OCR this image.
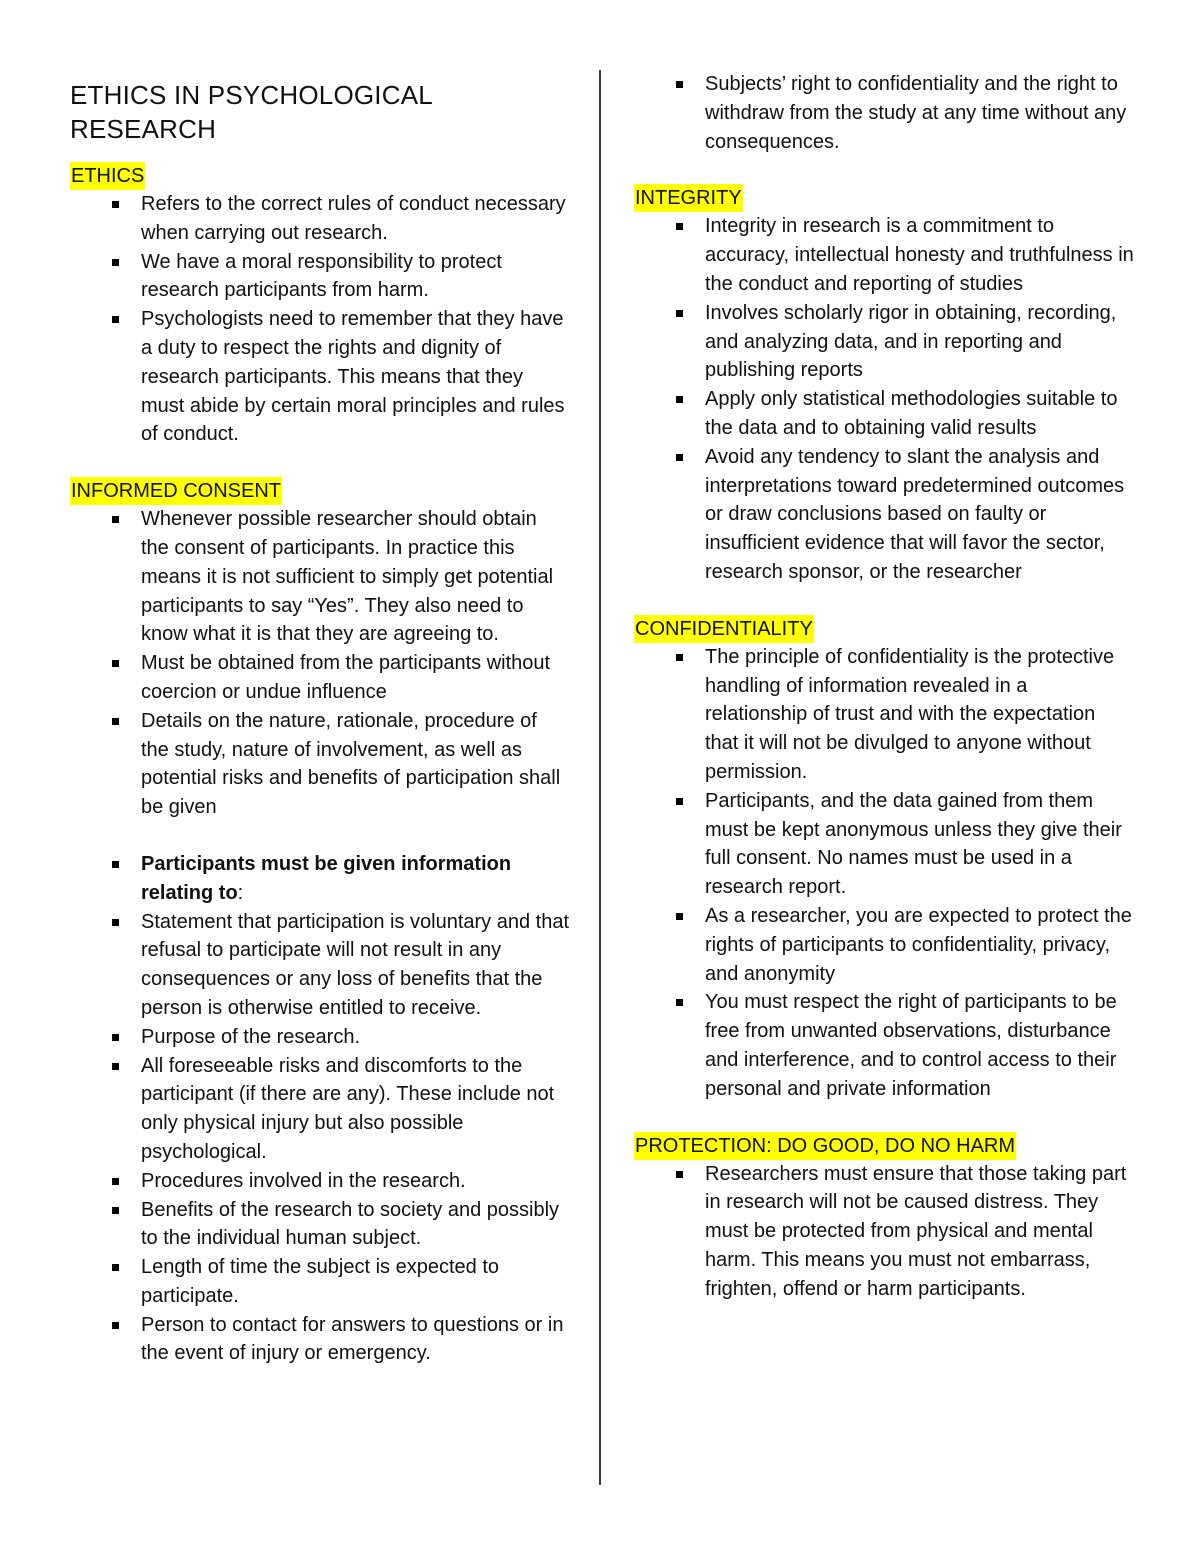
ETHICS IN PSYCHOLOGICAL RESEARCH
ETHICS
Refers to the correct rules of conduct necessary when carrying out research.
We have a moral responsibility to protect research participants from harm.
Psychologists need to remember that they have a duty to respect the rights and dignity of research participants. This means that they must abide by certain moral principles and rules of conduct.
INFORMED CONSENT
Whenever possible researcher should obtain the consent of participants. In practice this means it is not sufficient to simply get potential participants to say “Yes”. They also need to know what it is that they are agreeing to.
Must be obtained from the participants without coercion or undue influence
Details on the nature, rationale, procedure of the study, nature of involvement, as well as potential risks and benefits of participation shall be given
Participants must be given information relating to:
Statement that participation is voluntary and that refusal to participate will not result in any consequences or any loss of benefits that the person is otherwise entitled to receive.
Purpose of the research.
All foreseeable risks and discomforts to the participant (if there are any). These include not only physical injury but also possible psychological.
Procedures involved in the research.
Benefits of the research to society and possibly to the individual human subject.
Length of time the subject is expected to participate.
Person to contact for answers to questions or in the event of injury or emergency.
Subjects’ right to confidentiality and the right to withdraw from the study at any time without any consequences.
INTEGRITY
Integrity in research is a commitment to accuracy, intellectual honesty and truthfulness in the conduct and reporting of studies
Involves scholarly rigor in obtaining, recording, and analyzing data, and in reporting and publishing reports
Apply only statistical methodologies suitable to the data and to obtaining valid results
Avoid any tendency to slant the analysis and interpretations toward predetermined outcomes or draw conclusions based on faulty or insufficient evidence that will favor the sector, research sponsor, or the researcher
CONFIDENTIALITY
The principle of confidentiality is the protective handling of information revealed in a relationship of trust and with the expectation that it will not be divulged to anyone without permission.
Participants, and the data gained from them must be kept anonymous unless they give their full consent. No names must be used in a research report.
As a researcher, you are expected to protect the rights of participants to confidentiality, privacy, and anonymity
You must respect the right of participants to be free from unwanted observations, disturbance and interference, and to control access to their personal and private information
PROTECTION: DO GOOD, DO NO HARM
Researchers must ensure that those taking part in research will not be caused distress. They must be protected from physical and mental harm. This means you must not embarrass, frighten, offend or harm participants.
